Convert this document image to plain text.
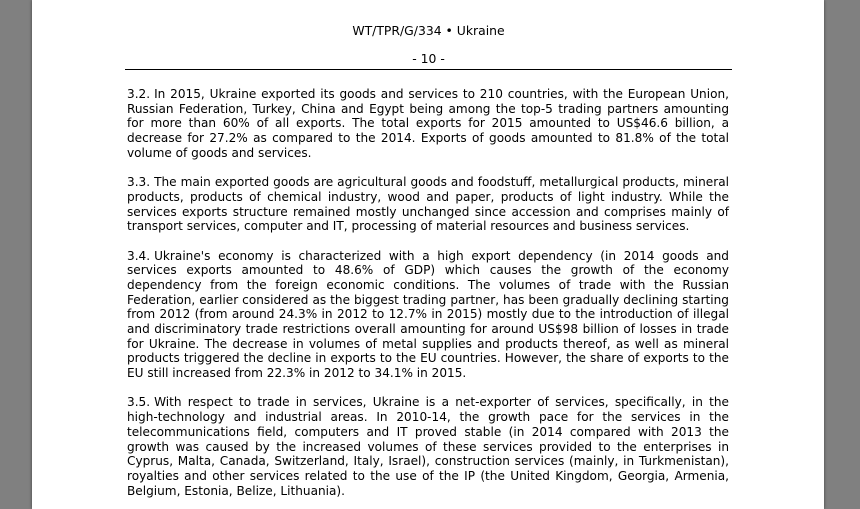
WT/TPR/G/334 • Ukraine
- 10 -

3.2. In 2015, Ukraine exported its goods and services to 210 countries, with the European Union, Russian Federation, Turkey, China and Egypt being among the top-5 trading partners amounting for more than 60% of all exports. The total exports for 2015 amounted to US$46.6 billion, a decrease for 27.2% as compared to the 2014. Exports of goods amounted to 81.8% of the total volume of goods and services.

3.3. The main exported goods are agricultural goods and foodstuff, metallurgical products, mineral products, products of chemical industry, wood and paper, products of light industry. While the services exports structure remained mostly unchanged since accession and comprises mainly of transport services, computer and IT, processing of material resources and business services.

3.4. Ukraine's economy is characterized with a high export dependency (in 2014 goods and services exports amounted to 48.6% of GDP) which causes the growth of the economy dependency from the foreign economic conditions. The volumes of trade with the Russian Federation, earlier considered as the biggest trading partner, has been gradually declining starting from 2012 (from around 24.3% in 2012 to 12.7% in 2015) mostly due to the introduction of illegal and discriminatory trade restrictions overall amounting for around US$98 billion of losses in trade for Ukraine. The decrease in volumes of metal supplies and products thereof, as well as mineral products triggered the decline in exports to the EU countries. However, the share of exports to the EU still increased from 22.3% in 2012 to 34.1% in 2015.

3.5. With respect to trade in services, Ukraine is a net-exporter of services, specifically, in the high-technology and industrial areas. In 2010-14, the growth pace for the services in the telecommunications field, computers and IT proved stable (in 2014 compared with 2013 the growth was caused by the increased volumes of these services provided to the enterprises in Cyprus, Malta, Canada, Switzerland, Italy, Israel), construction services (mainly, in Turkmenistan), royalties and other services related to the use of the IP (the United Kingdom, Georgia, Armenia, Belgium, Estonia, Belize, Lithuania).
